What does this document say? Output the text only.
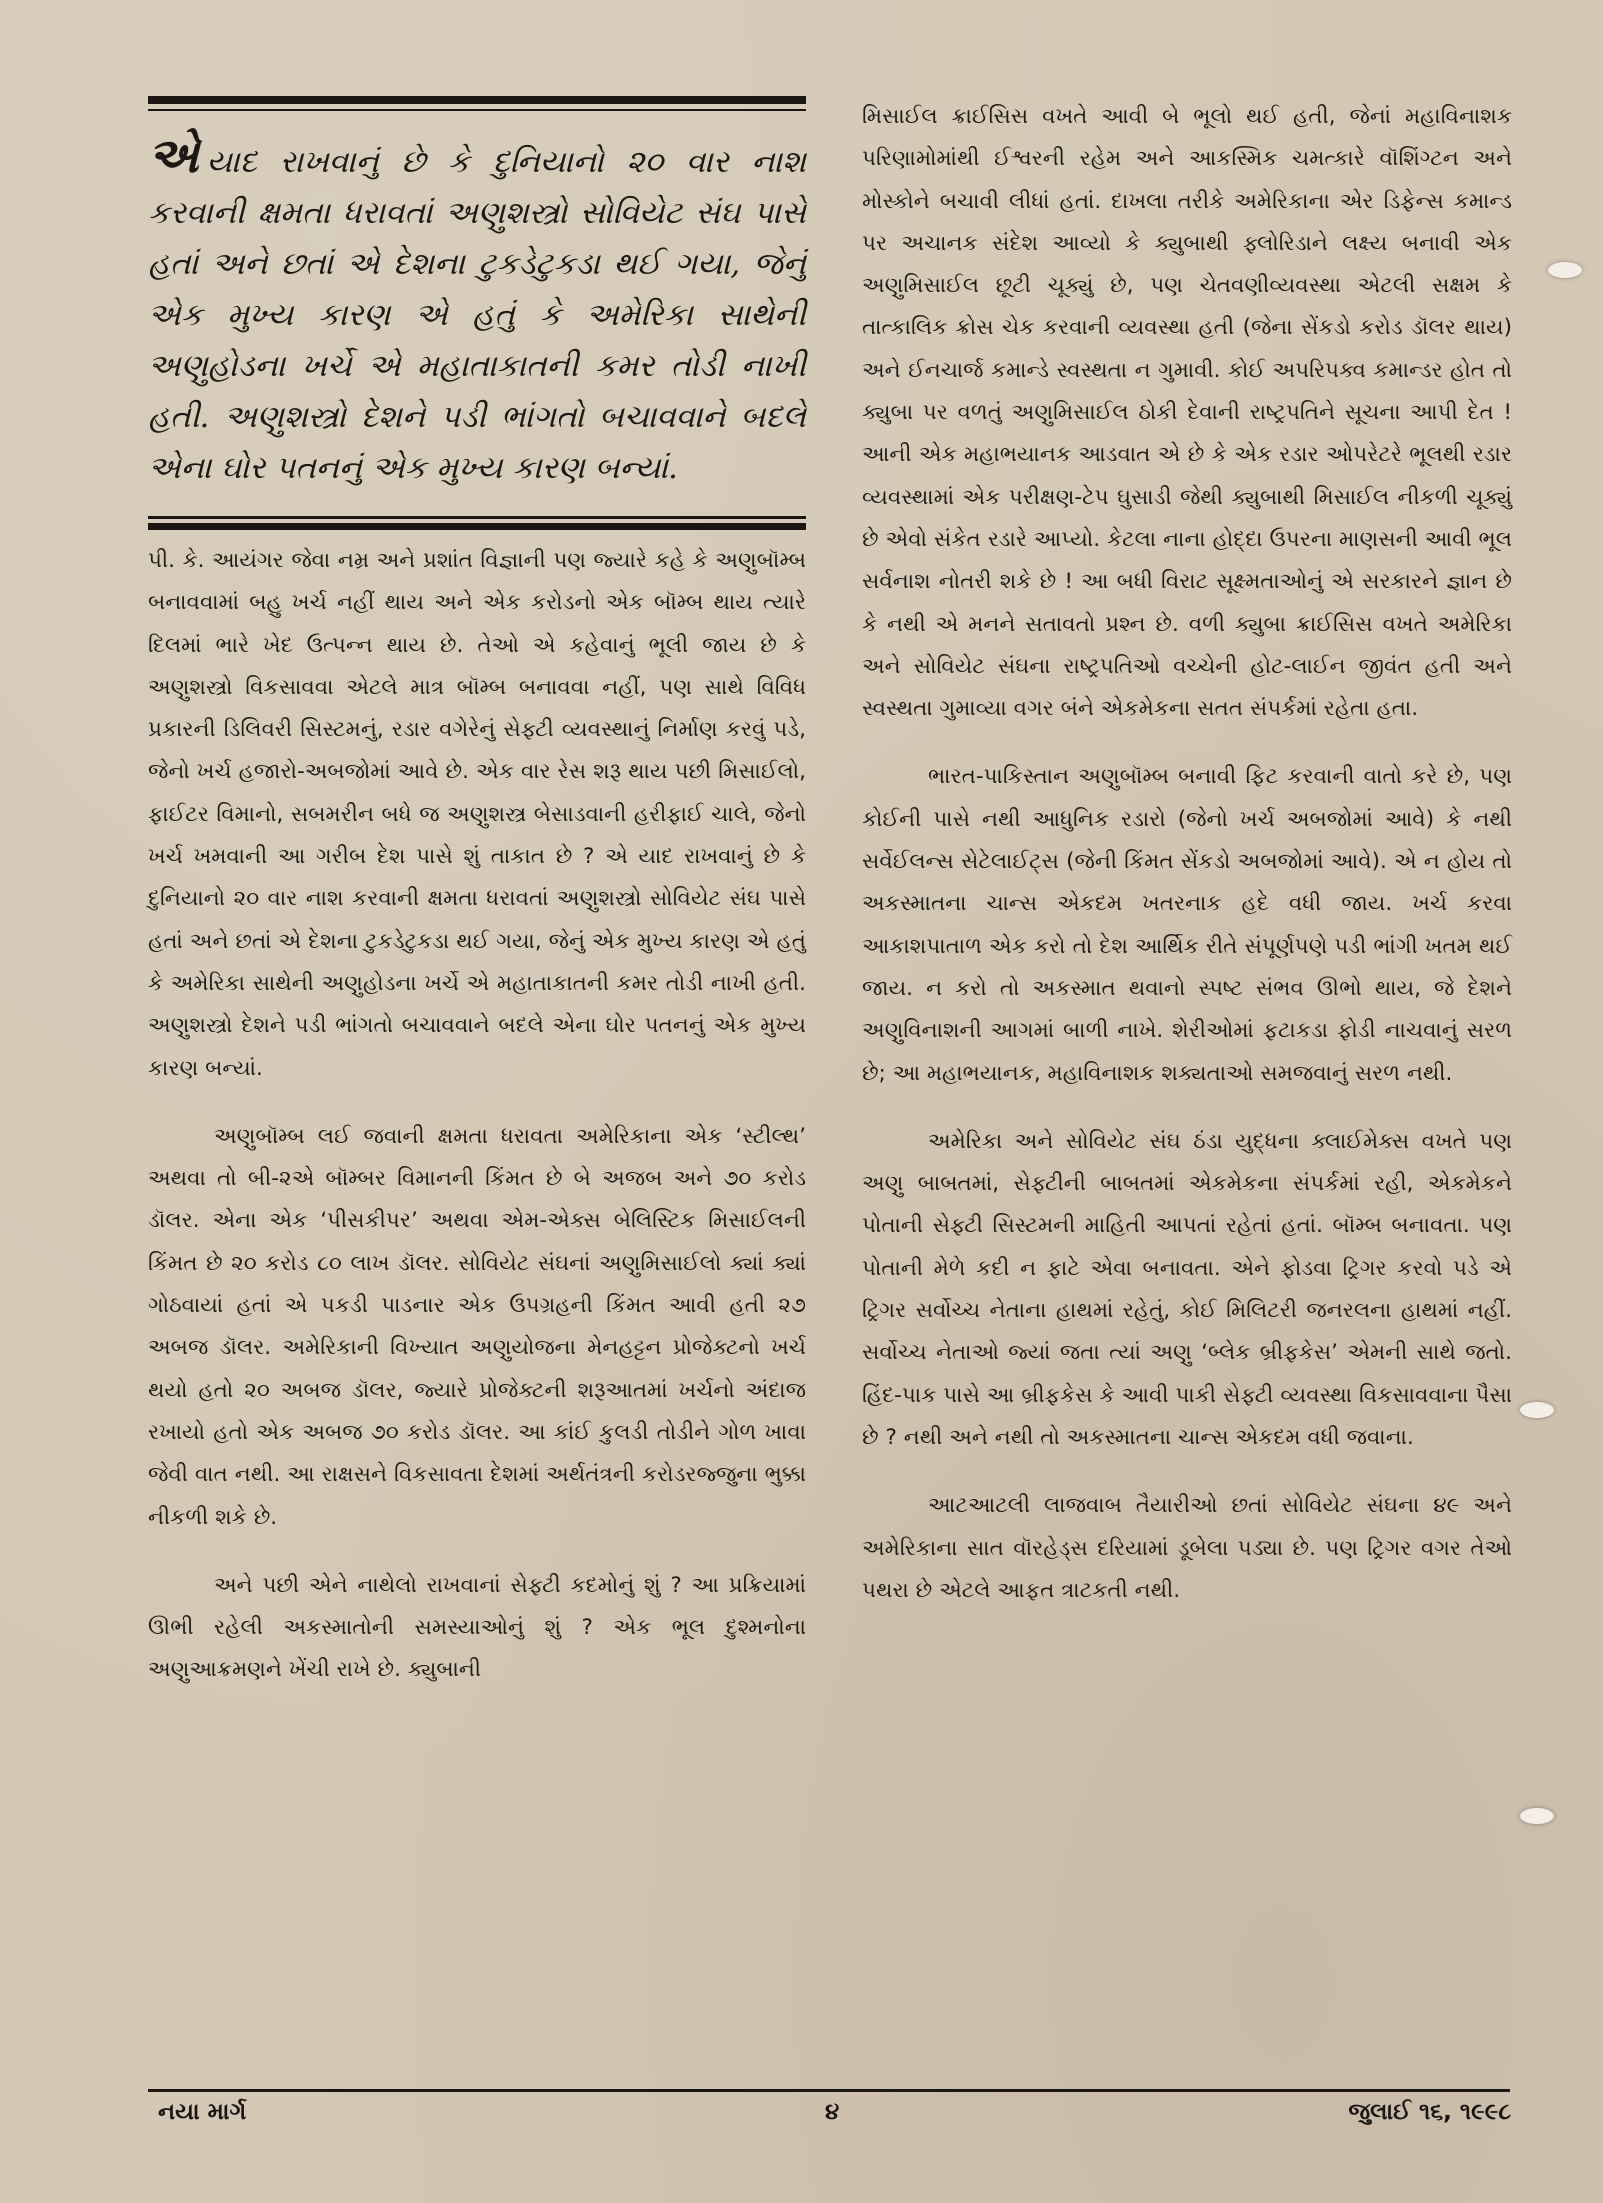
એયાદ રાખવાનું છે કે દુનિયાનો ૨૦ વાર નાશ કરવાની ક્ષમતા ધરાવતાં અણુશસ્ત્રો સોવિયેટ સંઘ પાસે હતાં અને છતાં એ દેશના ટુકડેટુકડા થઈ ગયા, જેનું એક મુખ્ય કારણ એ હતું કે અમેરિકા સાથેની અણુહોડના ખર્ચે એ મહાતાકાતની કમર તોડી નાખી હતી. અણુશસ્ત્રો દેશને પડી ભાંગતો બચાવવાને બદલે એના ઘોર પતનનું એક મુખ્ય કારણ બન્યાં.

પી. કે. આયંગર જેવા નમ્ર અને પ્રશાંત વિજ્ઞાની પણ જ્યારે કહે કે અણુબૉમ્બ બનાવવામાં બહુ ખર્ચ નહીં થાય અને એક કરોડનો એક બૉમ્બ થાય ત્યારે દિલમાં ભારે ખેદ ઉત્પન્ન થાય છે. તેઓ એ કહેવાનું ભૂલી જાય છે કે અણુશસ્ત્રો વિકસાવવા એટલે માત્ર બૉમ્બ બનાવવા નહીં, પણ સાથે વિવિધ પ્રકારની ડિલિવરી સિસ્ટમનું, રડાર વગેરેનું સેફ્ટી વ્યવસ્થાનું નિર્માણ કરવું પડે, જેનો ખર્ચ હજારો-અબજોમાં આવે છે. એક વાર રેસ શરૂ થાય પછી મિસાઈલો, ફાઈટર વિમાનો, સબમરીન બધે જ અણુશસ્ત્ર બેસાડવાની હરીફાઈ ચાલે, જેનો ખર્ચ ખમવાની આ ગરીબ દેશ પાસે શું તાકાત છે ? એ યાદ રાખવાનું છે કે દુનિયાનો ૨૦ વાર નાશ કરવાની ક્ષમતા ધરાવતાં અણુશસ્ત્રો સોવિયેટ સંઘ પાસે હતાં અને છતાં એ દેશના ટુકડેટુકડા થઈ ગયા, જેનું એક મુખ્ય કારણ એ હતું કે અમેરિકા સાથેની અણુહોડના ખર્ચે એ મહાતાકાતની કમર તોડી નાખી હતી. અણુશસ્ત્રો દેશને પડી ભાંગતો બચાવવાને બદલે એના ઘોર પતનનું એક મુખ્ય કારણ બન્યાં.

અણુબૉમ્બ લઈ જવાની ક્ષમતા ધરાવતા અમેરિકાના એક ‘સ્ટીલ્થ’ અથવા તો બી-૨એ બૉમ્બર વિમાનની કિંમત છે બે અજબ અને ૭૦ કરોડ ડૉલર. એના એક ‘પીસકીપર’ અથવા એમ-એક્સ બેલિસ્ટિક મિસાઈલની કિંમત છે ૨૦ કરોડ ૮૦ લાખ ડૉલર. સોવિયેટ સંઘનાં અણુમિસાઈલો ક્યાં ક્યાં ગોઠવાયાં હતાં એ પકડી પાડનાર એક ઉપગ્રહની કિંમત આવી હતી ૨૭ અબજ ડૉલર. અમેરિકાની વિખ્યાત અણુયોજના મેનહટ્ટન પ્રોજેક્ટનો ખર્ચ થયો હતો ૨૦ અબજ ડૉલર, જ્યારે પ્રોજેક્ટની શરૂઆતમાં ખર્ચનો અંદાજ રખાયો હતો એક અબજ ૭૦ કરોડ ડૉલર. આ કાંઈ કુલડી તોડીને ગોળ ખાવા જેવી વાત નથી. આ રાક્ષસને વિકસાવતા દેશમાં અર્થતંત્રની કરોડરજ્જુના ભુક્કા નીકળી શકે છે.

અને પછી એને નાથેલો રાખવાનાં સેફ્ટી કદમોનું શું ? આ પ્રક્રિયામાં ઊભી રહેલી અકસ્માતોની સમસ્યાઓનું શું ? એક ભૂલ દુશ્મનોના અણુઆક્રમણને ખેંચી રાખે છે. ક્યુબાની

મિસાઈલ ક્રાઈસિસ વખતે આવી બે ભૂલો થઈ હતી, જેનાં મહાવિનાશક પરિણામોમાંથી ઈશ્વરની રહેમ અને આકસ્મિક ચમત્કારે વૉશિંગ્ટન અને મોસ્કોને બચાવી લીધાં હતાં. દાખલા તરીકે અમેરિકાના એર ડિફેન્સ કમાન્ડ પર અચાનક સંદેશ આવ્યો કે ક્યુબાથી ફ્લોરિડાને લક્ષ્ય બનાવી એક અણુમિસાઈલ છૂટી ચૂક્યું છે, પણ ચેતવણીવ્યવસ્થા એટલી સક્ષમ કે તાત્કાલિક ક્રોસ ચેક કરવાની વ્યવસ્થા હતી (જેના સેંકડો કરોડ ડૉલર થાય) અને ઈનચાર્જ કમાન્ડે સ્વસ્થતા ન ગુમાવી. કોઈ અપરિપક્વ કમાન્ડર હોત તો ક્યુબા પર વળતું અણુમિસાઈલ ઠોકી દેવાની રાષ્ટ્રપતિને સૂચના આપી દેત ! આની એક મહાભયાનક આડવાત એ છે કે એક રડાર ઓપરેટરે ભૂલથી રડાર વ્યવસ્થામાં એક પરીક્ષણ-ટેપ ઘુસાડી જેથી ક્યુબાથી મિસાઈલ નીકળી ચૂક્યું છે એવો સંકેત રડારે આપ્યો. કેટલા નાના હોદ્દા ઉપરના માણસની આવી ભૂલ સર્વનાશ નોતરી શકે છે ! આ બધી વિરાટ સૂક્ષ્મતાઓનું એ સરકારને જ્ઞાન છે કે નથી એ મનને સતાવતો પ્રશ્ન છે. વળી ક્યુબા ક્રાઈસિસ વખતે અમેરિકા અને સોવિયેટ સંઘના રાષ્ટ્રપતિઓ વચ્ચેની હોટ-લાઈન જીવંત હતી અને સ્વસ્થતા ગુમાવ્યા વગર બંને એકમેકના સતત સંપર્કમાં રહેતા હતા.

ભારત-પાકિસ્તાન અણુબૉમ્બ બનાવી ફિટ કરવાની વાતો કરે છે, પણ કોઈની પાસે નથી આધુનિક રડારો (જેનો ખર્ચ અબજોમાં આવે) કે નથી સર્વેઈલન્સ સેટેલાઈટ્સ (જેની કિંમત સેંકડો અબજોમાં આવે). એ ન હોય તો અકસ્માતના ચાન્સ એકદમ ખતરનાક હદે વધી જાય. ખર્ચ કરવા આકાશપાતાળ એક કરો તો દેશ આર્થિક રીતે સંપૂર્ણપણે પડી ભાંગી ખતમ થઈ જાય. ન કરો તો અકસ્માત થવાનો સ્પષ્ટ સંભવ ઊભો થાય, જે દેશને અણુવિનાશની આગમાં બાળી નાખે. શેરીઓમાં ફટાકડા ફોડી નાચવાનું સરળ છે; આ મહાભયાનક, મહાવિનાશક શક્યતાઓ સમજવાનું સરળ નથી.

અમેરિકા અને સોવિયેટ સંઘ ઠંડા યુદ્ધના ક્લાઈમેક્સ વખતે પણ અણુ બાબતમાં, સેફ્ટીની બાબતમાં એકમેકના સંપર્કમાં રહી, એકમેકને પોતાની સેફ્ટી સિસ્ટમની માહિતી આપતાં રહેતાં હતાં. બૉમ્બ બનાવતા. પણ પોતાની મેળે કદી ન ફાટે એવા બનાવતા. એને ફોડવા ટ્રિગર કરવો પડે એ ટ્રિગર સર્વોચ્ચ નેતાના હાથમાં રહેતું, કોઈ મિલિટરી જનરલના હાથમાં નહીં. સર્વોચ્ચ નેતાઓ જ્યાં જતા ત્યાં અણુ ‘બ્લેક બ્રીફકેસ’ એમની સાથે જતો. હિંદ-પાક પાસે આ બ્રીફકેસ કે આવી પાકી સેફ્ટી વ્યવસ્થા વિકસાવવાના પૈસા છે ? નથી અને નથી તો અકસ્માતના ચાન્સ એકદમ વધી જવાના.

આટઆટલી લાજવાબ તૈયારીઓ છતાં સોવિયેટ સંઘના ૪૯ અને અમેરિકાના સાત વૉરહેડ્સ દરિયામાં ડૂબેલા પડ્યા છે. પણ ટ્રિગર વગર તેઓ પથરા છે એટલે આફત ત્રાટકતી નથી.

નયા માર્ગ	૪	જુલાઈ ૧૬, ૧૯૯૮
